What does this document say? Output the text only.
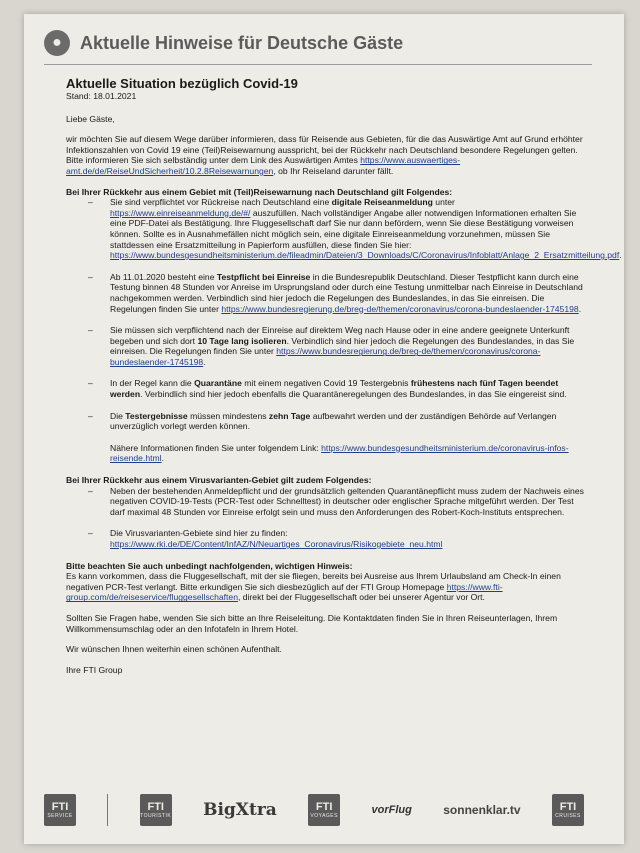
●	Aktuelle Hinweise für Deutsche Gäste
Aktuelle Situation bezüglich Covid-19
Stand: 18.01.2021

Liebe Gäste,

wir möchten Sie auf diesem Wege darüber informieren, dass für Reisende aus Gebieten, für die das Auswärtige Amt auf Grund erhöhter Infektionszahlen von Covid 19 eine (Teil)Reisewarnung ausspricht, bei der Rückkehr nach Deutschland besondere Regelungen gelten. Bitte informieren Sie sich selbständig unter dem Link des Auswärtigen Amtes https://www.auswaertiges-amt.de/de/ReiseUndSicherheit/10.2.8Reisewarnungen, ob Ihr Reiseland darunter fällt.

Bei Ihrer Rückkehr aus einem Gebiet mit (Teil)Reisewarnung nach Deutschland gilt Folgendes:
– Sie sind verpflichtet vor Rückreise nach Deutschland eine digitale Reiseanmeldung unter https://www.einreiseanmeldung.de/#/ auszufüllen. Nach vollständiger Angabe aller notwendigen Informationen erhalten Sie eine PDF-Datei als Bestätigung. Ihre Fluggesellschaft darf Sie nur dann befördern, wenn Sie diese Bestätigung vorweisen können. Sollte es in Ausnahmefällen nicht möglich sein, eine digitale Einreiseanmeldung vorzunehmen, müssen Sie stattdessen eine Ersatzmitteilung in Papierform ausfüllen, diese finden Sie hier: https://www.bundesgesundheitsministerium.de/fileadmin/Dateien/3_Downloads/C/Coronavirus/Infoblatt/Anlage_2_Ersatzmitteilung.pdf.
– Ab 11.01.2020 besteht eine Testpflicht bei Einreise in die Bundesrepublik Deutschland. Dieser Testpflicht kann durch eine Testung binnen 48 Stunden vor Anreise im Ursprungsland oder durch eine Testung unmittelbar nach Einreise in Deutschland nachgekommen werden. Verbindlich sind hier jedoch die Regelungen des Bundeslandes, in das Sie einreisen. Die Regelungen finden Sie unter https://www.bundesregierung.de/breg-de/themen/coronavirus/corona-bundeslaender-1745198.
– Sie müssen sich verpflichtend nach der Einreise auf direktem Weg nach Hause oder in eine andere geeignete Unterkunft begeben und sich dort 10 Tage lang isolieren. Verbindlich sind hier jedoch die Regelungen des Bundeslandes, in das Sie einreisen. Die Regelungen finden Sie unter https://www.bundesregierung.de/breg-de/themen/coronavirus/corona-bundeslaender-1745198.
– In der Regel kann die Quarantäne mit einem negativen Covid 19 Testergebnis frühestens nach fünf Tagen beendet werden. Verbindlich sind hier jedoch ebenfalls die Quarantäneregelungen des Bundeslandes, in das Sie eingereist sind.
– Die Testergebnisse müssen mindestens zehn Tage aufbewahrt werden und der zuständigen Behörde auf Verlangen unverzüglich vorlegt werden können.
Nähere Informationen finden Sie unter folgendem Link: https://www.bundesgesundheitsministerium.de/coronavirus-infos-reisende.html.
Bei Ihrer Rückkehr aus einem Virusvarianten-Gebiet gilt zudem Folgendes:
– Neben der bestehenden Anmeldepflicht und der grundsätzlich geltenden Quarantänepflicht muss zudem der Nachweis eines negativen COVID-19-Tests (PCR-Test oder Schnelltest) in deutscher oder englischer Sprache mitgeführt werden. Der Test darf maximal 48 Stunden vor Einreise erfolgt sein und muss den Anforderungen des Robert-Koch-Instituts entsprechen.
– Die Virusvarianten-Gebiete sind hier zu finden: https://www.rki.de/DE/Content/InfAZ/N/Neuartiges_Coronavirus/Risikogebiete_neu.html
Bitte beachten Sie auch unbedingt nachfolgenden, wichtigen Hinweis:

Es kann vorkommen, dass die Fluggesellschaft, mit der sie fliegen, bereits bei Ausreise aus Ihrem Urlaubsland am Check-In einen negativen PCR-Test verlangt. Bitte erkundigen Sie sich diesbezüglich auf der FTI Group Homepage https://www.fti-group.com/de/reiseservice/fluggesellschaften, direkt bei der Fluggesellschaft oder bei unserer Agentur vor Ort.

Sollten Sie Fragen habe, wenden Sie sich bitte an Ihre Reiseleitung. Die Kontaktdaten finden Sie in Ihren Reiseunterlagen, Ihrem Willkommensumschlag oder an den Infotafeln in Ihrem Hotel.

Wir wünschen Ihnen weiterhin einen schönen Aufenthalt.

Ihre FTI Group

FTI
SERVICE
FTI
TOURISTIK BigXtra	FTI
VOYAGES	vorFlug	sonnenklar.tv	FTI
CRUISES
